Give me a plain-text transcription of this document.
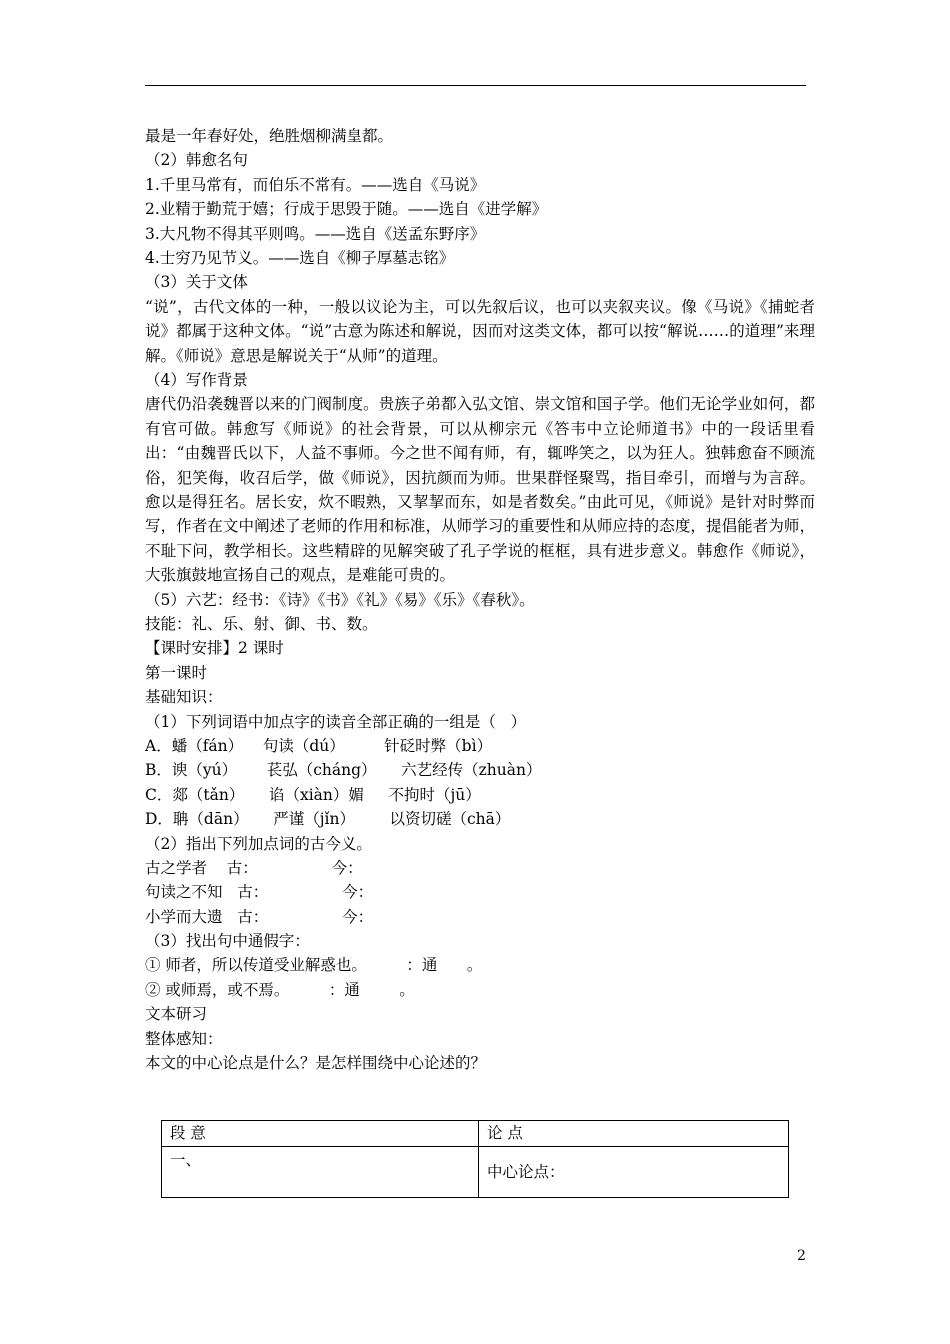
最是一年春好处，绝胜烟柳满皇都。
（2）韩愈名句
1.千里马常有，而伯乐不常有。——选自《马说》
2.业精于勤荒于嬉；行成于思毁于随。——选自《进学解》
3.大凡物不得其平则鸣。——选自《送孟东野序》
4.士穷乃见节义。——选自《柳子厚墓志铭》
（3）关于文体
“说”，古代文体的一种，一般以议论为主，可以先叙后议，也可以夹叙夹议。像《马说》《捕蛇者说》都属于这种文体。“说”古意为陈述和解说，因而对这类文体，都可以按“解说……的道理”来理解。《师说》意思是解说关于“从师”的道理。
（4）写作背景
唐代仍沿袭魏晋以来的门阀制度。贵族子弟都入弘文馆、崇文馆和国子学。他们无论学业如何，都有官可做。韩愈写《师说》的社会背景，可以从柳宗元《答韦中立论师道书》中的一段话里看出：“由魏晋氏以下，人益不事师。今之世不闻有师，有，辄哗笑之，以为狂人。独韩愈奋不顾流俗，犯笑侮，收召后学，做《师说》，因抗颜而为师。世果群怪聚骂，指目牵引，而增与为言辞。愈以是得狂名。居长安，炊不暇熟，又挈挈而东，如是者数矣。”由此可见，《师说》是针对时弊而写，作者在文中阐述了老师的作用和标准，从师学习的重要性和从师应持的态度，提倡能者为师，不耻下问，教学相长。这些精辟的见解突破了孔子学说的框框，具有进步意义。韩愈作《师说》，大张旗鼓地宣扬自己的观点，是难能可贵的。
（5）六艺：经书：《诗》《书》《礼》《易》《乐》《春秋》。
技能：礼、乐、射、御、书、数。
【课时安排】2 课时
第一课时
基础知识：
（1）下列词语中加点字的读音全部正确的一组是（   ）
A．蟠（fán）    句读（dú）        针砭时弊（bì）
B．谀（yú）      苌弘（cháng）     六艺经传（zhuàn）
C．郯（tǎn）     谄（xiàn）媚     不拘时（jū）
D．聃（dān）     严谨（jǐn）       以资切磋（chā）
（2）指出下列加点词的古今义。
古之学者    古：               今：
句读之不知   古：               今：
小学而大遗   古：               今：
（3）找出句中通假字：
① 师者，所以传道受业解惑也。        ：通      。
② 或师焉，或不焉。        ：通        。
文本研习
整体感知：
本文的中心论点是什么？是怎样围绕中心论述的？
段 意	论 点
一、	中心论点：
2
